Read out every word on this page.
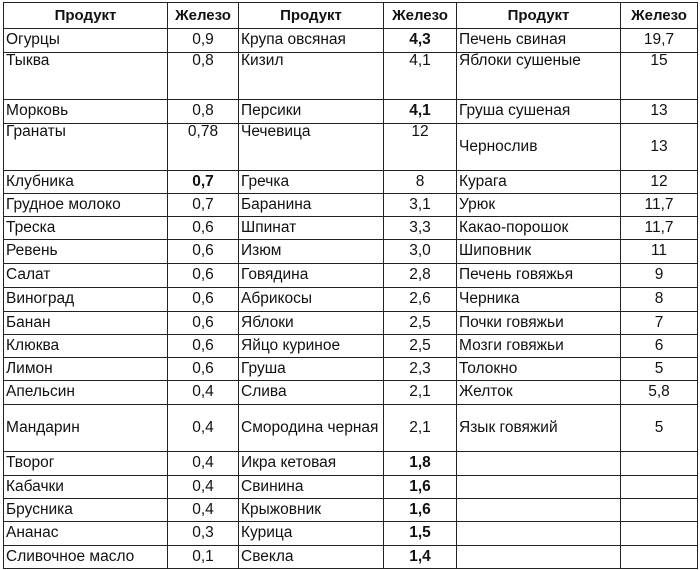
Продукт	Железо	Продукт	Железо	Продукт	Железо
Огурцы	0,9	Крупа овсяная	4,3	Печень свиная	19,7
Тыква	0,8	Кизил	4,1	Яблоки сушеные	15
Морковь	0,8	Персики	4,1	Груша сушеная	13
Гранаты	0,78	Чечевица	12	Чернослив	13
Клубника	0,7	Гречка	8	Курага	12
Грудное молоко	0,7	Баранина	3,1	Урюк	11,7
Треска	0,6	Шпинат	3,3	Какао-порошок	11,7
Ревень	0,6	Изюм	3,0	Шиповник	11
Салат	0,6	Говядина	2,8	Печень говяжья	9
Виноград	0,6	Абрикосы	2,6	Черника	8
Банан	0,6	Яблоки	2,5	Почки говяжьи	7
Клюква	0,6	Яйцо куриное	2,5	Мозги говяжьи	6
Лимон	0,6	Груша	2,3	Толокно	5
Апельсин	0,4	Слива	2,1	Желток	5,8
Мандарин	0,4	Смородина черная	2,1	Язык говяжий	5
Творог	0,4	Икра кетовая	1,8		
Кабачки	0,4	Свинина	1,6		
Брусника	0,4	Крыжовник	1,6		
Ананас	0,3	Курица	1,5		
Сливочное масло	0,1	Свекла	1,4		
